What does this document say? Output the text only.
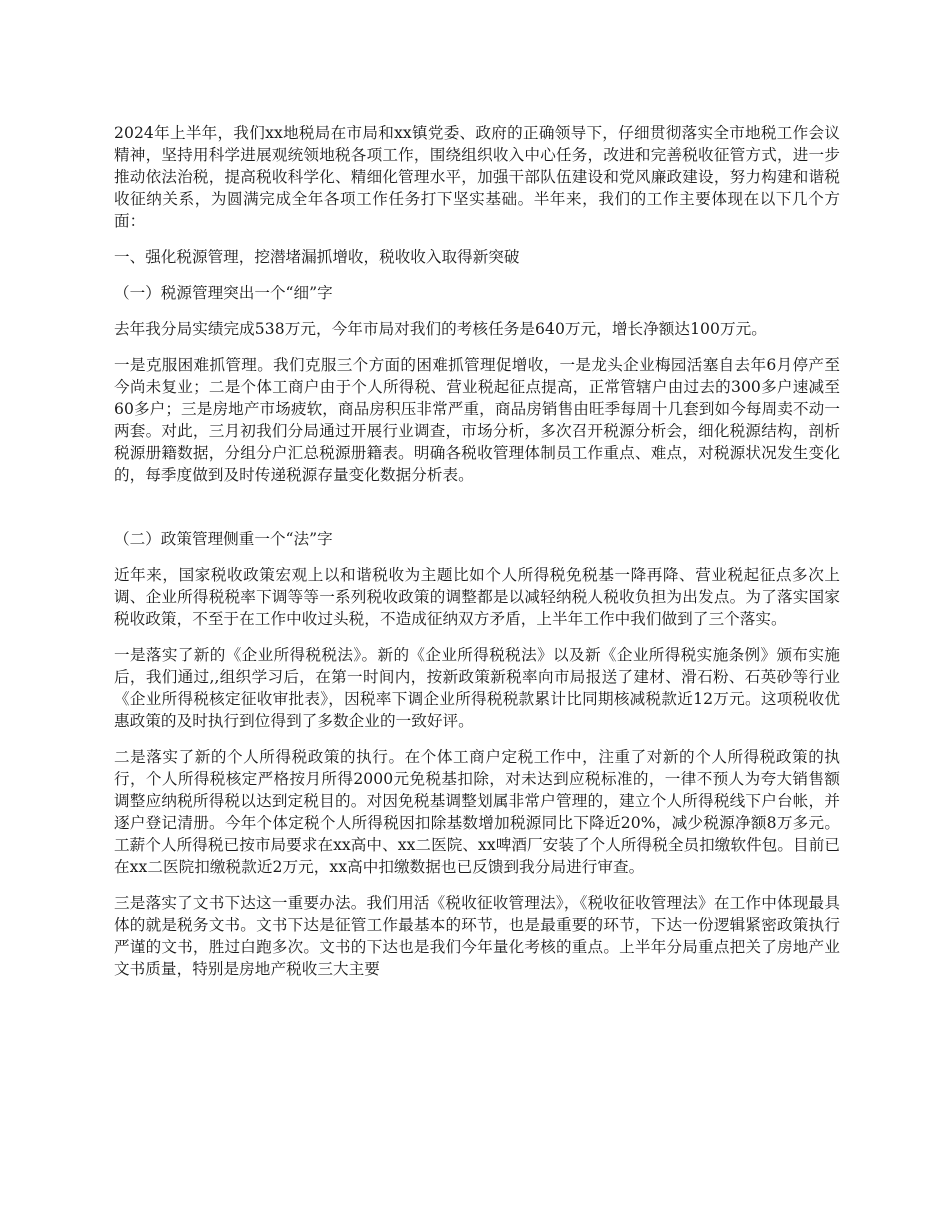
2024年上半年，我们xx地税局在市局和xx镇党委、政府的正确领导下，仔细贯彻落实全市地税工作会议精神，坚持用科学进展观统领地税各项工作，围绕组织收入中心任务，改进和完善税收征管方式，进一步推动依法治税，提高税收科学化、精细化管理水平，加强干部队伍建设和党风廉政建设，努力构建和谐税收征纳关系，为圆满完成全年各项工作任务打下坚实基础。半年来，我们的工作主要体现在以下几个方面：

一、强化税源管理，挖潜堵漏抓增收，税收收入取得新突破

（一）税源管理突出一个“细”字

去年我分局实绩完成538万元，今年市局对我们的考核任务是640万元，增长净额达100万元。

一是克服困难抓管理。我们克服三个方面的困难抓管理促增收，一是龙头企业梅园活塞自去年6月停产至今尚未复业；二是个体工商户由于个人所得税、营业税起征点提高，正常管辖户由过去的300多户速减至60多户；三是房地产市场疲软，商品房积压非常严重，商品房销售由旺季每周十几套到如今每周卖不动一两套。对此，三月初我们分局通过开展行业调查，市场分析，多次召开税源分析会，细化税源结构，剖析税源册籍数据，分组分户汇总税源册籍表。明确各税收管理体制员工作重点、难点，对税源状况发生变化的，每季度做到及时传递税源存量变化数据分析表。

（二）政策管理侧重一个“法”字

近年来，国家税收政策宏观上以和谐税收为主题比如个人所得税免税基一降再降、营业税起征点多次上调、企业所得税税率下调等等一系列税收政策的调整都是以减轻纳税人税收负担为出发点。为了落实国家税收政策，不至于在工作中收过头税，不造成征纳双方矛盾，上半年工作中我们做到了三个落实。

一是落实了新的《企业所得税税法》。新的《企业所得税税法》以及新《企业所得税实施条例》颁布实施后，我们通过,,组织学习后，在第一时间内，按新政策新税率向市局报送了建材、滑石粉、石英砂等行业《企业所得税核定征收审批表》，因税率下调企业所得税税款累计比同期核减税款近12万元。这项税收优惠政策的及时执行到位得到了多数企业的一致好评。

二是落实了新的个人所得税政策的执行。在个体工商户定税工作中，注重了对新的个人所得税政策的执行，个人所得税核定严格按月所得2000元免税基扣除，对未达到应税标准的，一律不预人为夸大销售额调整应纳税所得税以达到定税目的。对因免税基调整划属非常户管理的，建立个人所得税线下户台帐，并逐户登记清册。今年个体定税个人所得税因扣除基数增加税源同比下降近20%，减少税源净额8万多元。工薪个人所得税已按市局要求在xx高中、xx二医院、xx啤酒厂安装了个人所得税全员扣缴软件包。目前已在xx二医院扣缴税款近2万元，xx高中扣缴数据也已反馈到我分局进行审查。

三是落实了文书下达这一重要办法。我们用活《税收征收管理法》，《税收征收管理法》在工作中体现最具体的就是税务文书。文书下达是征管工作最基本的环节，也是最重要的环节，下达一份逻辑紧密政策执行严谨的文书，胜过白跑多次。文书的下达也是我们今年量化考核的重点。上半年分局重点把关了房地产业文书质量，特别是房地产税收三大主要
